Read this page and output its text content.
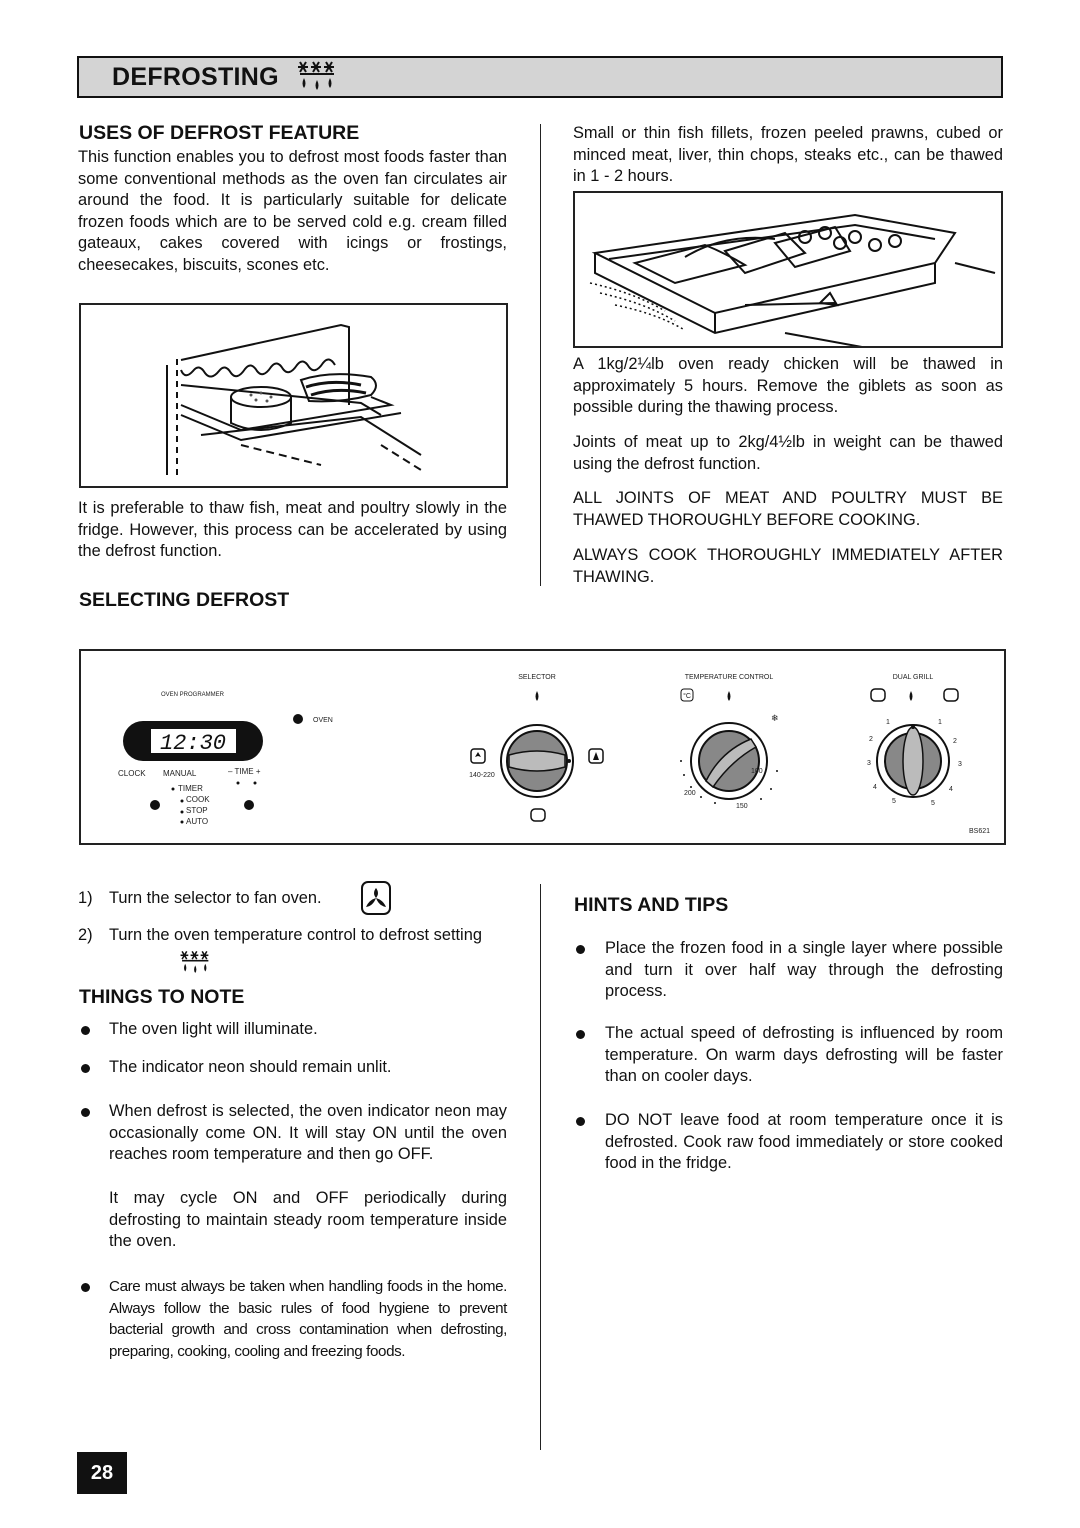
DEFROSTING
USES OF DEFROST FEATURE

This function enables you to defrost most foods faster than some conventional methods as the oven fan circulates air around the food. It is particularly suitable for delicate frozen foods which are to be served cold e.g. cream filled gateaux, cakes covered with icings or frostings, cheesecakes, biscuits, scones etc.

It is preferable to thaw fish, meat and poultry slowly in the fridge. However, this process can be accelerated by using the defrost function.

Small or thin fish fillets, frozen peeled prawns, cubed or minced meat, liver, thin chops, steaks etc., can be thawed in 1 - 2 hours.

A 1kg/2¼lb oven ready chicken will be thawed in approximately 5 hours. Remove the giblets as soon as possible during the thawing process.

Joints of meat up to 2kg/4½lb in weight can be thawed using the defrost function.

ALL JOINTS OF MEAT AND POULTRY MUST BE THAWED THOROUGHLY BEFORE COOKING.

ALWAYS COOK THOROUGHLY IMMEDIATELY AFTER THAWING.

SELECTING DEFROST
OVEN PROGRAMMER
12:30
OVEN
CLOCK MANUAL	– TIME +
TIMER
COOK
STOP
AUTO
SELECTOR
140-220
TEMPERATURE CONTROL
°C
❄
100
150
200
DUAL GRILL
1	1
2	2
3	3
4	4
5	5
BS621
1) Turn the selector to fan oven.
2) Turn the oven temperature control to defrost setting

THINGS TO NOTE

The oven light will illuminate.

The indicator neon should remain unlit.

When defrost is selected, the oven indicator neon may occasionally come ON. It will stay ON until the oven reaches room temperature and then go OFF.

It may cycle ON and OFF periodically during defrosting to maintain steady room temperature inside the oven.

Care must always be taken when handling foods in the home. Always follow the basic rules of food hygiene to prevent bacterial growth and cross contamination when defrosting, preparing, cooking, cooling and freezing foods.

HINTS AND TIPS

Place the frozen food in a single layer where possible and turn it over half way through the defrosting process.

The actual speed of defrosting is influenced by room temperature. On warm days defrosting will be faster than on cooler days.

DO NOT leave food at room temperature once it is defrosted. Cook raw food immediately or store cooked food in the fridge.

28
